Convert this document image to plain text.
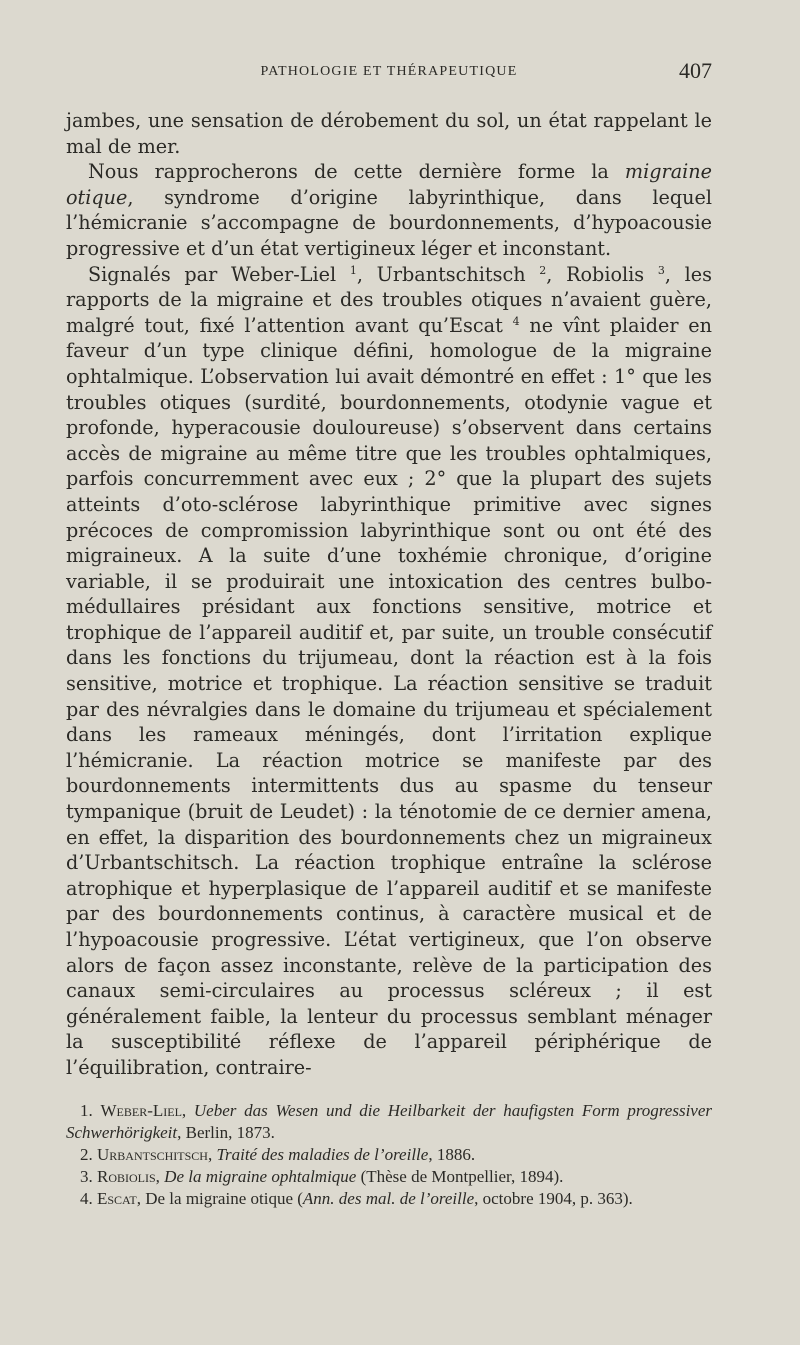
PATHOLOGIE ET THÉRAPEUTIQUE	407

jambes, une sensation de dérobement du sol, un état rappelant le mal de mer.

Nous rapprocherons de cette dernière forme la migraine otique, syndrome d’origine labyrinthique, dans lequel l’hémicranie s’accompagne de bourdonnements, d’hypoacousie progressive et d’un état vertigineux léger et inconstant.

Signalés par Weber-Liel $^1$, Urbantschitsch $^2$, Robiolis $^3$, les rapports de la migraine et des troubles otiques n’avaient guère, malgré tout, fixé l’attention avant qu’Escat $^4$ ne vînt plaider en faveur d’un type clinique défini, homologue de la migraine ophtalmique. L’observation lui avait démontré en effet : 1° que les troubles otiques (surdité, bourdonnements, otodynie vague et profonde, hyperacousie douloureuse) s’observent dans certains accès de migraine au même titre que les troubles ophtalmiques, parfois concurremment avec eux ; 2° que la plupart des sujets atteints d’oto-sclérose labyrinthique primitive avec signes précoces de compromission labyrinthique sont ou ont été des migraineux. A la suite d’une toxhémie chronique, d’origine variable, il se produirait une intoxication des centres bulbo-médullaires présidant aux fonctions sensitive, motrice et trophique de l’appareil auditif et, par suite, un trouble consécutif dans les fonctions du trijumeau, dont la réaction est à la fois sensitive, motrice et trophique. La réaction sensitive se traduit par des névralgies dans le domaine du trijumeau et spécialement dans les rameaux méningés, dont l’irritation explique l’hémicranie. La réaction motrice se manifeste par des bourdonnements intermittents dus au spasme du tenseur tympanique (bruit de Leudet) : la ténotomie de ce dernier amena, en effet, la disparition des bourdonnements chez un migraineux d’Urbantschitsch. La réaction trophique entraîne la sclérose atrophique et hyperplasique de l’appareil auditif et se manifeste par des bourdonnements continus, à caractère musical et de l’hypoacousie progressive. L’état vertigineux, que l’on observe alors de façon assez inconstante, relève de la participation des canaux semi-circulaires au processus scléreux ; il est généralement faible, la lenteur du processus semblant ménager la susceptibilité réflexe de l’appareil périphérique de l’équilibration, contraire-

1. Weber-Liel, Ueber das Wesen und die Heilbarkeit der haufigsten Form progressiver Schwerhörigkeit, Berlin, 1873.

2. Urbantschitsch, Traité des maladies de l’oreille, 1886.

3. Robiolis, De la migraine ophtalmique (Thèse de Montpellier, 1894).

4. Escat, De la migraine otique (Ann. des mal. de l’oreille, octobre 1904, p. 363).
